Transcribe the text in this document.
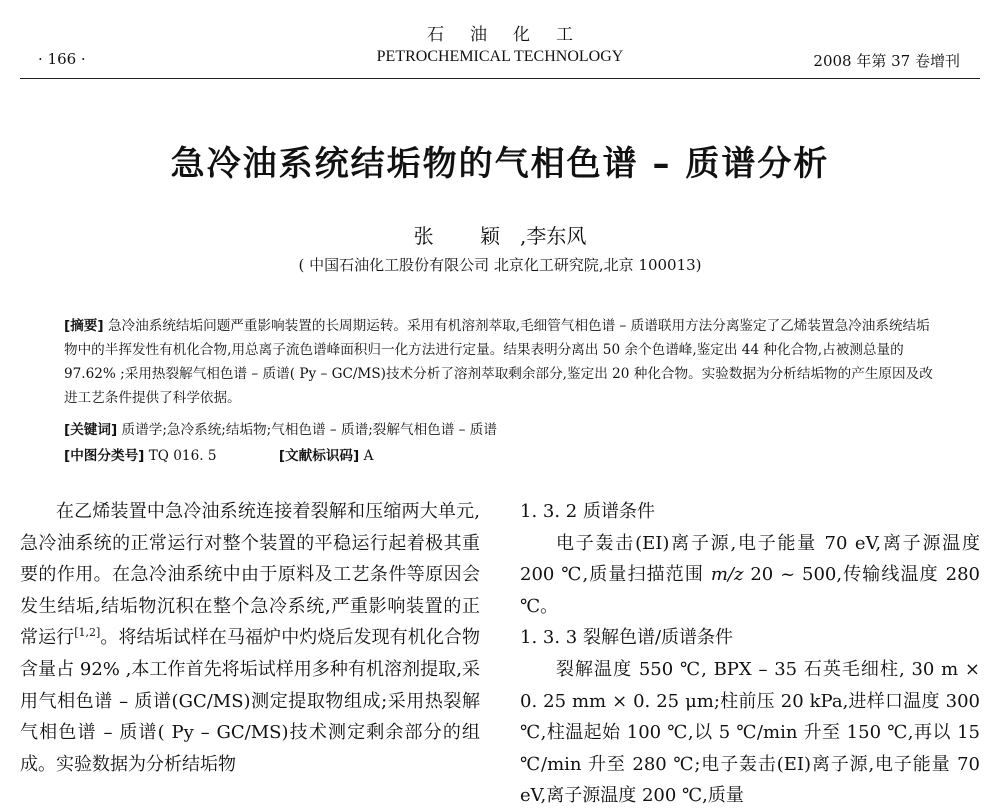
石油化工
PETROCHEMICAL TECHNOLOGY
· 166 ·	2008 年第 37 卷增刊
急冷油系统结垢物的气相色谱 – 质谱分析
张 颖,李东风
( 中国石油化工股份有限公司 北京化工研究院,北京 100013)

[摘要] 急冷油系统结垢问题严重影响装置的长周期运转。采用有机溶剂萃取,毛细管气相色谱 – 质谱联用方法分离鉴定了乙烯装置急冷油系统结垢物中的半挥发性有机化合物,用总离子流色谱峰面积归一化方法进行定量。结果表明分离出 50 余个色谱峰,鉴定出 44 种化合物,占被测总量的 97.62% ;采用热裂解气相色谱 – 质谱( Py – GC/MS)技术分析了溶剂萃取剩余部分,鉴定出 20 种化合物。实验数据为分析结垢物的产生原因及改进工艺条件提供了科学依据。

[关键词] 质谱学;急冷系统;结垢物;气相色谱 – 质谱;裂解气相色谱 – 质谱
[中图分类号] TQ 016. 5	[文献标识码] A

在乙烯装置中急冷油系统连接着裂解和压缩两大单元,急冷油系统的正常运行对整个装置的平稳运行起着极其重要的作用。在急冷油系统中由于原料及工艺条件等原因会发生结垢,结垢物沉积在整个急冷系统,严重影响装置的正常运行[1,2]。将结垢试样在马福炉中灼烧后发现有机化合物含量占 92% ,本工作首先将垢试样用多种有机溶剂提取,采用气相色谱 – 质谱(GC/MS)测定提取物组成;采用热裂解气相色谱 – 质谱( Py – GC/MS)技术测定剩余部分的组成。实验数据为分析结垢物

1. 3. 2 质谱条件

电子轰击(EI)离子源,电子能量 70 eV,离子源温度 200 ℃,质量扫描范围 m/z 20 ~ 500,传输线温度 280 ℃。

1. 3. 3 裂解色谱/质谱条件

裂解温度 550 ℃, BPX – 35 石英毛细柱, 30 m × 0. 25 mm × 0. 25 μm;柱前压 20 kPa,进样口温度 300 ℃,柱温起始 100 ℃,以 5 ℃/min 升至 150 ℃,再以 15 ℃/min 升至 280 ℃;电子轰击(EI)离子源,电子能量 70 eV,离子源温度 200 ℃,质量
